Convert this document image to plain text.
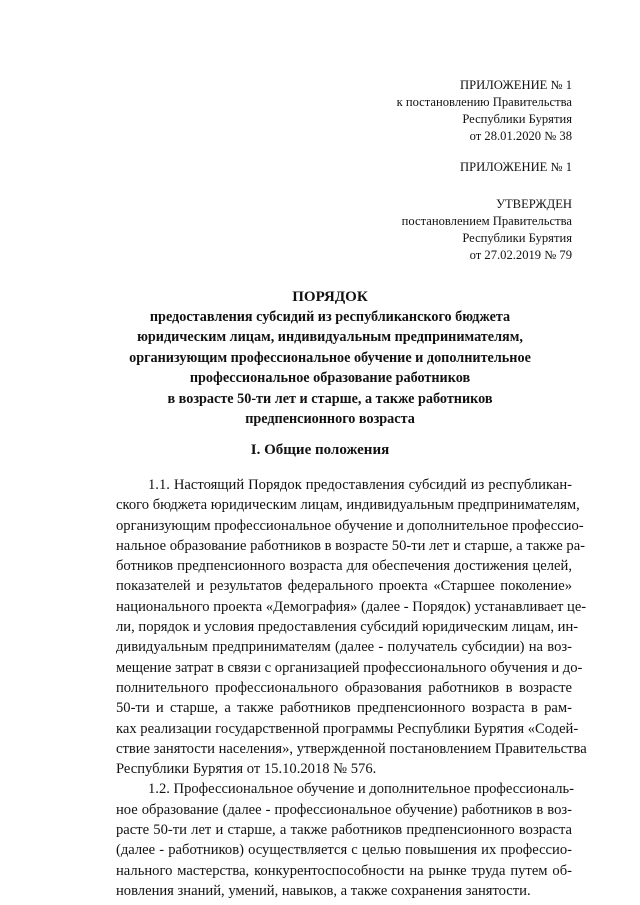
ПРИЛОЖЕНИЕ № 1
к постановлению Правительства
Республики Бурятия
от 28.01.2020 № 38
ПРИЛОЖЕНИЕ № 1
УТВЕРЖДЕН
постановлением Правительства
Республики Бурятия
от 27.02.2019 № 79
ПОРЯДОК
предоставления субсидий из республиканского бюджета
юридическим лицам, индивидуальным предпринимателям,
организующим профессиональное обучение и дополнительное
профессиональное образование работников
в возрасте 50-ти лет и старше, а также работников
предпенсионного возраста
I. Общие положения
1.1. Настоящий Порядок предоставления субсидий из республикан-
ского бюджета юридическим лицам, индивидуальным предпринимателям,
организующим профессиональное обучение и дополнительное профессио-
нальное образование работников в возрасте 50-ти лет и старше, а также ра-
ботников предпенсионного возраста для обеспечения достижения целей,
показателей и результатов федерального проекта «Старшее поколение»
национального проекта «Демография» (далее - Порядок) устанавливает це-
ли, порядок и условия предоставления субсидий юридическим лицам, ин-
дивидуальным предпринимателям (далее - получатель субсидии) на воз-
мещение затрат в связи с организацией профессионального обучения и до-
полнительного профессионального образования работников в возрасте
50-ти и старше, а также работников предпенсионного возраста в рам-
ках реализации государственной программы Республики Бурятия «Содей-
ствие занятости населения», утвержденной постановлением Правительства
Республики Бурятия от 15.10.2018 № 576.
1.2. Профессиональное обучение и дополнительное профессиональ-
ное образование (далее - профессиональное обучение) работников в воз-
расте 50-ти лет и старше, а также работников предпенсионного возраста
(далее - работников) осуществляется с целью повышения их профессио-
нального мастерства, конкурентоспособности на рынке труда путем об-
новления знаний, умений, навыков, а также сохранения занятости.
